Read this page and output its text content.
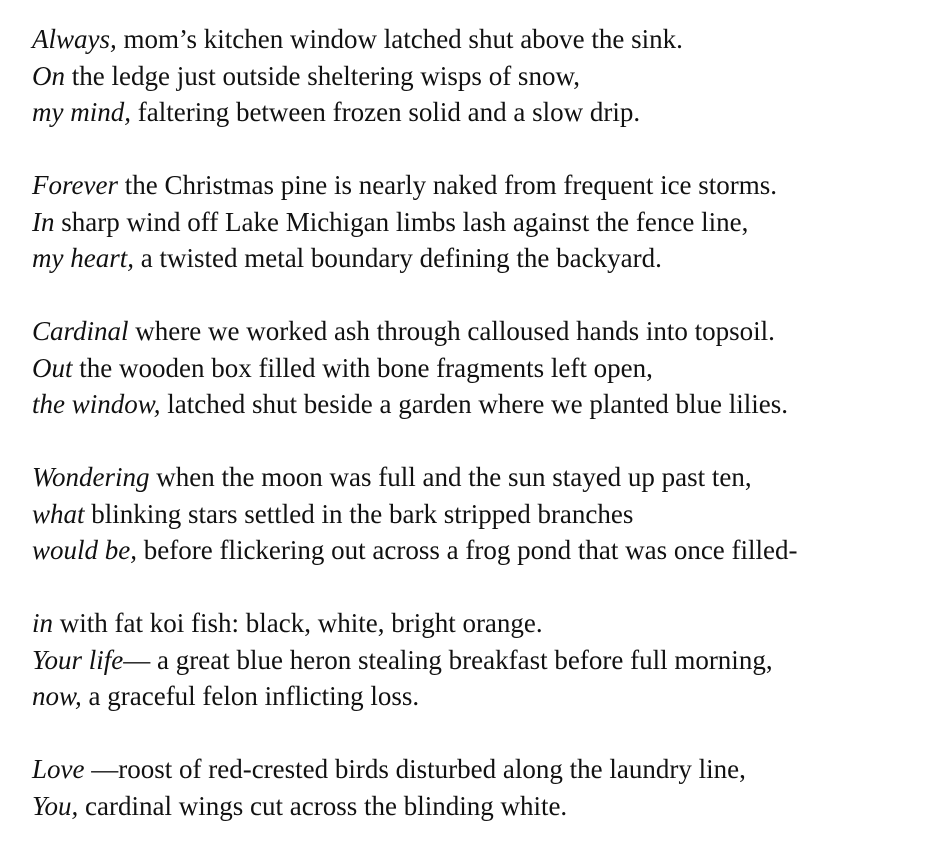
Always, mom’s kitchen window latched shut above the sink.
On the ledge just outside sheltering wisps of snow,
my mind, faltering between frozen solid and a slow drip.
Forever the Christmas pine is nearly naked from frequent ice storms.
In sharp wind off Lake Michigan limbs lash against the fence line,
my heart, a twisted metal boundary defining the backyard.
Cardinal where we worked ash through calloused hands into topsoil.
Out the wooden box filled with bone fragments left open,
the window, latched shut beside a garden where we planted blue lilies.
Wondering when the moon was full and the sun stayed up past ten,
what blinking stars settled in the bark stripped branches
would be, before flickering out across a frog pond that was once filled-
in with fat koi fish: black, white, bright orange.
Your life— a great blue heron stealing breakfast before full morning,
now, a graceful felon inflicting loss.
Love —roost of red-crested birds disturbed along the laundry line,
You, cardinal wings cut across the blinding white.
